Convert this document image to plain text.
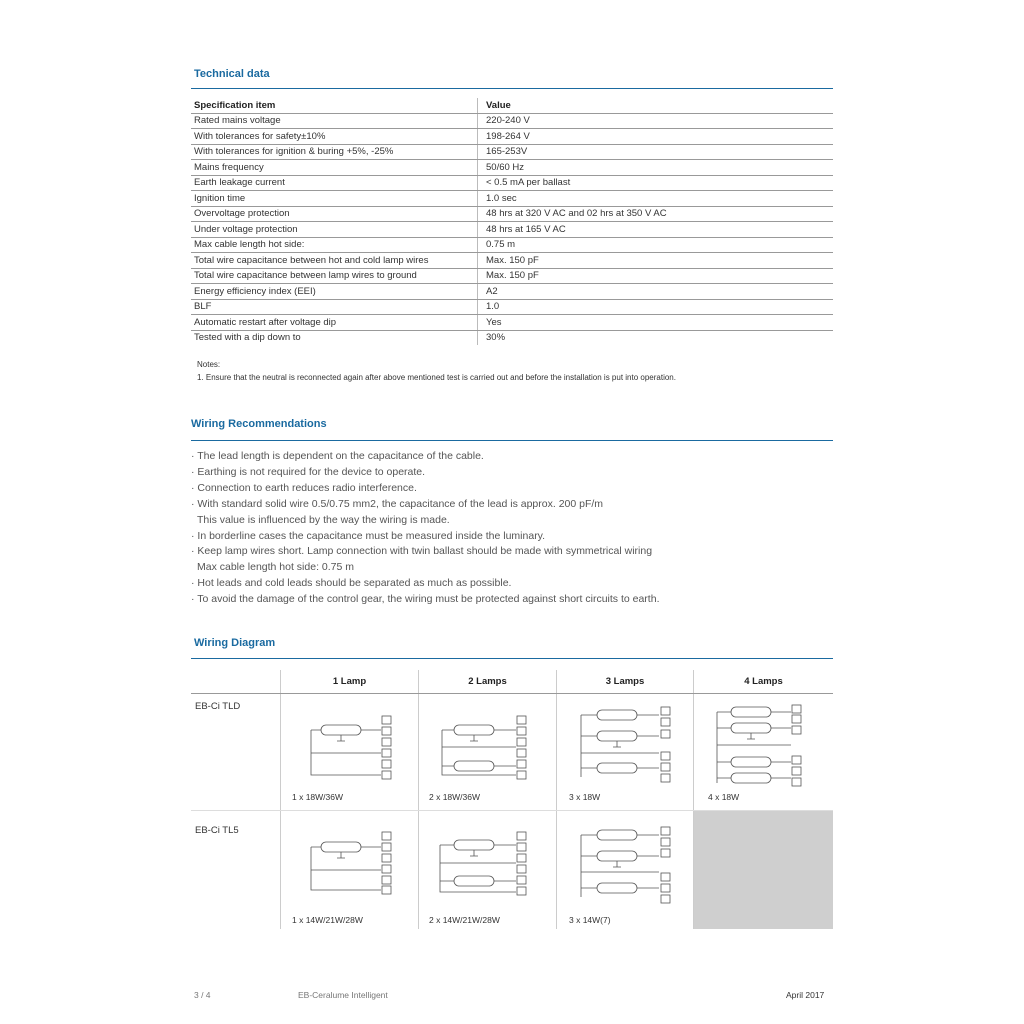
Technical data
Specification item	Value
Rated mains voltage	220-240 V
With tolerances for safety±10%	198-264 V
With tolerances for ignition & buring +5%, -25%	165-253V
Mains frequency	50/60 Hz
Earth leakage current	< 0.5 mA per ballast
Ignition time	1.0 sec
Overvoltage protection	48 hrs at 320 V AC and 02 hrs at 350 V AC
Under voltage protection	48 hrs at 165 V AC
Max cable length hot side:	0.75 m
Total wire capacitance between hot and cold lamp wires	Max. 150 pF
Total wire capacitance between lamp wires to ground	Max. 150 pF
Energy efficiency index (EEI)	A2
BLF	1.0
Automatic restart after voltage dip	Yes
Tested with a dip down to	30%
Notes:
1. Ensure that the neutral is reconnected again after above mentioned test is carried out and before the installation is put into operation.
Wiring Recommendations
· The lead length is dependent on the capacitance of the cable.
· Earthing is not required for the device to operate.
· Connection to earth reduces radio interference.
· With standard solid wire 0.5/0.75 mm2, the capacitance of the lead is approx. 200 pF/m
This value is influenced by the way the wiring is made.
· In borderline cases the capacitance must be measured inside the luminary.
· Keep lamp wires short. Lamp connection with twin ballast should be made with symmetrical wiring
Max cable length hot side: 0.75 m
· Hot leads and cold leads should be separated as much as possible.
· To avoid the damage of the control gear, the wiring must be protected against short circuits to earth.
Wiring Diagram
1 Lamp	2 Lamps	3 Lamps	4 Lamps
EB-Ci TLD
EB-Ci TL5
1 x 18W/36W	2 x 18W/36W	3 x 18W	4 x 18W
1 x 14W/21W/28W	2 x 14W/21W/28W	3 x 14W(7)
3 / 4	EB-Ceralume Intelligent	April 2017
